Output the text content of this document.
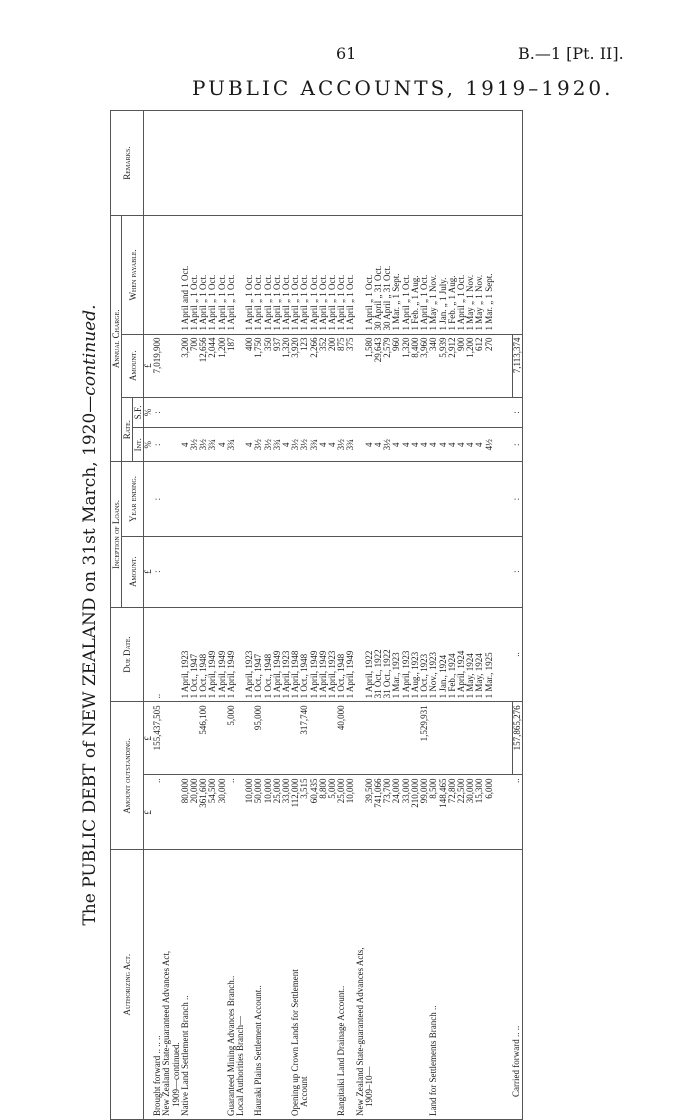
61	B.—1 [Pt. II].
PUBLIC ACCOUNTS, 1919–1920.
The PUBLIC DEBT of NEW ZEALAND on 31st March, 1920—continued.
Authorizing Act.	Amount outstanding.		Due Date.	Inception of Loans.		Annual Charge.				Remarks.
				Amount.	Year ending.	Rate.		Amount.	When payable.	
						Int.	S.F.			
	£	£		£		%	%	£		
Brought forward .. .. ..	..	155,437,505	..	:	:	:	:	7,019,900		
New Zealand State-guaranteed Advances Act,										
1909—continued.										
Native Land Settlement Branch ..	80,000		1 April, 1923			4		3,200	1 April and 1 Oct.	
	20,000		1 Oct., 1947			3½		700	1 April „ 1 Oct.	
	361,600	546,100	1 Oct., 1948			3½		12,656	1 April „ 1 Oct.	
	54,500		1 April, 1949			3¾		2,044	1 April „ 1 Oct.	
	30,000		1 April, 1949			4		1,200	1 April „ 1 Oct.	
Guaranteed Mining Advances Branch..	..	5,000	1 April, 1949			3¾		187	1 April „ 1 Oct.	
Local Authorities Branch—										
	10,000		1 April, 1923			4		400	1 April „ 1 Oct.	
Hauraki Plains Settlement Account..	50,000	95,000	1 Oct., 1947			3½		1,750	1 April „ 1 Oct.	
	10,000		1 Oct., 1948			3½		350	1 April „ 1 Oct.	
	25,000		1 April, 1949			3¾		937	1 April „ 1 Oct.	
	33,000		1 April, 1923			4		1,320	1 April „ 1 Oct.	
Opening up Crown Lands for Settlement	112,000		1 April, 1948			3½		3,920	1 April „ 1 Oct.	
Account	3,515	317,740	1 Oct., 1948			3½		123	1 April „ 1 Oct.	
	60,435		1 April, 1949			3¾		2,266	1 April „ 1 Oct.	
	8,800		1 April, 1949			4		352	1 April „ 1 Oct.	
	5,000		1 April, 1923			4		200	1 April „ 1 Oct.	
Rangitaiki Land Drainage Account..	25,000	40,000	1 Oct., 1948			3½		875	1 April „ 1 Oct.	
	10,000		1 April, 1949			3¾		375	1 April „ 1 Oct.	
New Zealand State-guaranteed Advances Acts,										
1909–10—	39,500		1 April, 1922			4		1,580	1 April „ 1 Oct.	
	741,066		31 Oct., 1922			4		29,643	30 April „ 31 Oct.	
	73,700		31 Oct., 1922			3½		2,579	30 April „ 31 Oct.	
	24,000		1 Mar., 1923			4		960	1 Mar. „ 1 Sept.	
	33,000		1 April, 1923			4		1,320	1 April „ 1 Oct.	
	210,000		1 Aug., 1923			4		8,400	1 Feb. „ 1 Aug.	
	99,000	1,529,931	1 Oct., 1923			4		3,960	1 April „ 1 Oct.	
Land for Settlements Branch ..	8,500		1 Nov., 1923			4		340	1 May „ 1 Nov.	
	148,465		1 Jan., 1924			4		5,939	1 Jan. „ 1 July.	
	72,800		1 Feb., 1924			4		2,912	1 Feb. „ 1 Aug.	
	22,500		1 April, 1924			4		900	1 April „ 1 Oct.	
	30,000		1 May, 1924			4		1,200	1 May „ 1 Nov.	
	15,300		1 May, 1924			4		612	1 May „ 1 Nov.	
	6,000		1 Mar., 1925			4½		270	1 Mar. „ 1 Sept.	

Carried forward .. ..	..	157,865,276	..	:	:	:	:	7,113,374		
